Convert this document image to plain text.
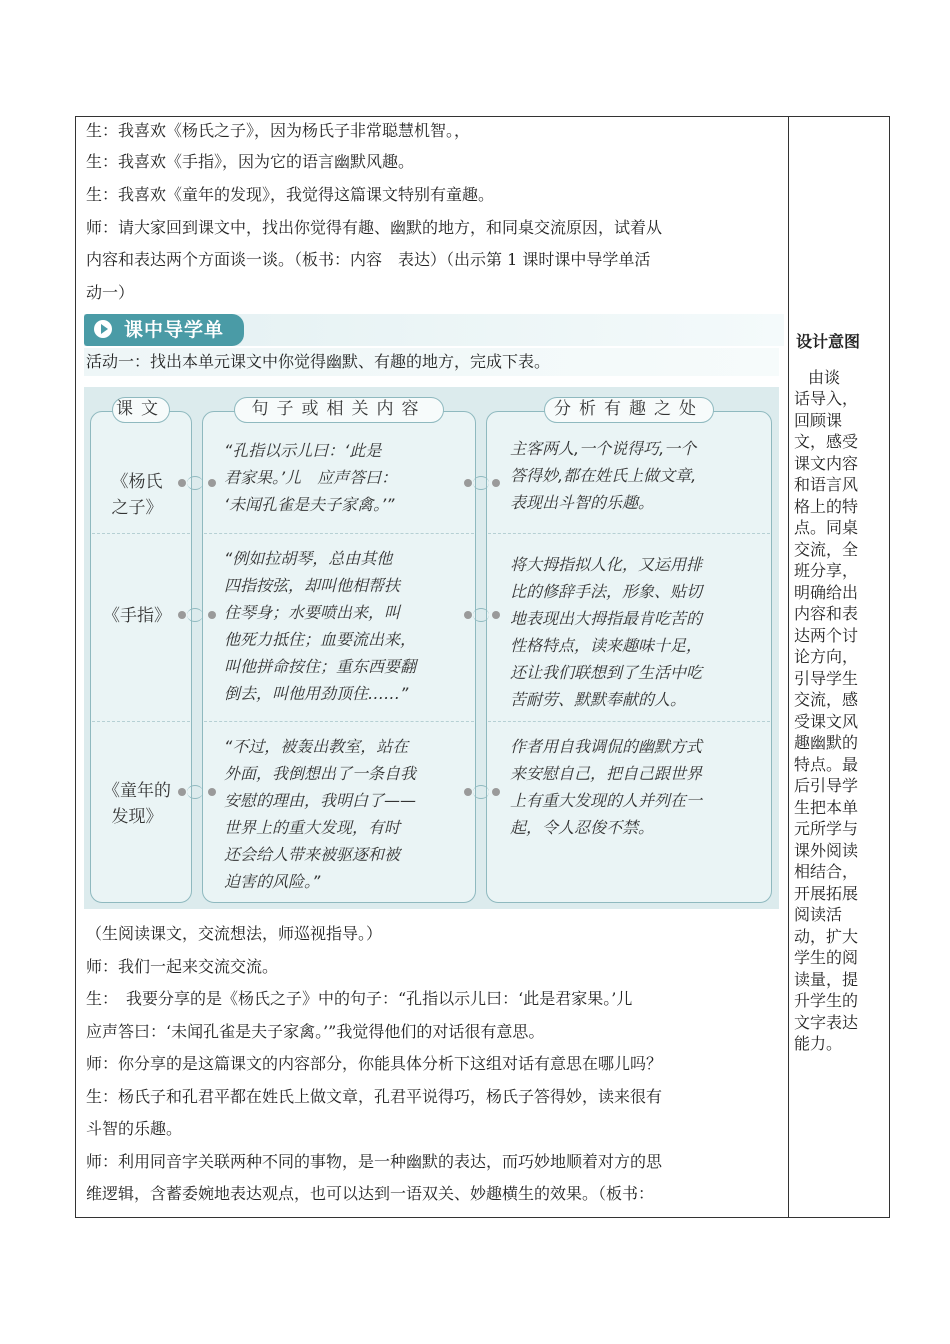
生：我喜欢《杨氏之子》，因为杨氏子非常聪慧机智。，
生：我喜欢《手指》，因为它的语言幽默风趣。
生：我喜欢《童年的发现》，我觉得这篇课文特别有童趣。
师：请大家回到课文中，找出你觉得有趣、幽默的地方，和同桌交流原因，试着从
内容和表达两个方面谈一谈。（板书：内容　表达）（出示第 1 课时课中导学单活
动一）
（生阅读课文，交流想法，师巡视指导。）
师：我们一起来交流交流。
生：　我要分享的是《杨氏之子》中的句子：“孔指以示儿曰：‘此是君家果。’儿
应声答曰：‘未闻孔雀是夫子家禽。’”我觉得他们的对话很有意思。
师：你分享的是这篇课文的内容部分，你能具体分析下这组对话有意思在哪儿吗？
生：杨氏子和孔君平都在姓氏上做文章，孔君平说得巧，杨氏子答得妙，读来很有
斗智的乐趣。
师：利用同音字关联两种不同的事物，是一种幽默的表达，而巧妙地顺着对方的思
维逻辑，含蓄委婉地表达观点，也可以达到一语双关、妙趣横生的效果。（板书：
设计意图
由谈
话导入，
回顾课
文，感受
课文内容
和语言风
格上的特
点。同桌
交流，全
班分享，
明确给出
内容和表
达两个讨
论方向，
引导学生
交流，感
受课文风
趣幽默的
特点。最
后引导学
生把本单
元所学与
课外阅读
相结合，
开展拓展
阅读活
动，扩大
学生的阅
读量，提
升学生的
文字表达
能力。
课中导学单
活动一：找出本单元课文中你觉得幽默、有趣的地方，完成下表。
课文	句子或相关内容	分析有趣之处
《杨氏
之子》
“孔指以示儿曰：‘此是
君家果。’儿　应声答曰：
‘未闻孔雀是夫子家禽。’”
主客两人,一个说得巧,一个
答得妙,都在姓氏上做文章,
表现出斗智的乐趣。
《手指》
“例如拉胡琴，总由其他
四指按弦，却叫他相帮扶
住琴身；水要喷出来，叫
他死力抵住；血要流出来，
叫他拼命按住；重东西要翻
倒去，叫他用劲顶住……”
将大拇指拟人化，又运用排
比的修辞手法，形象、贴切
地表现出大拇指最肯吃苦的
性格特点，读来趣味十足，
还让我们联想到了生活中吃
苦耐劳、默默奉献的人。
《童年的
发现》
“不过，被轰出教室，站在
外面，我倒想出了一条自我
安慰的理由，我明白了——
世界上的重大发现，有时
还会给人带来被驱逐和被
迫害的风险。”
作者用自我调侃的幽默方式
来安慰自己，把自己跟世界
上有重大发现的人并列在一
起，令人忍俊不禁。
